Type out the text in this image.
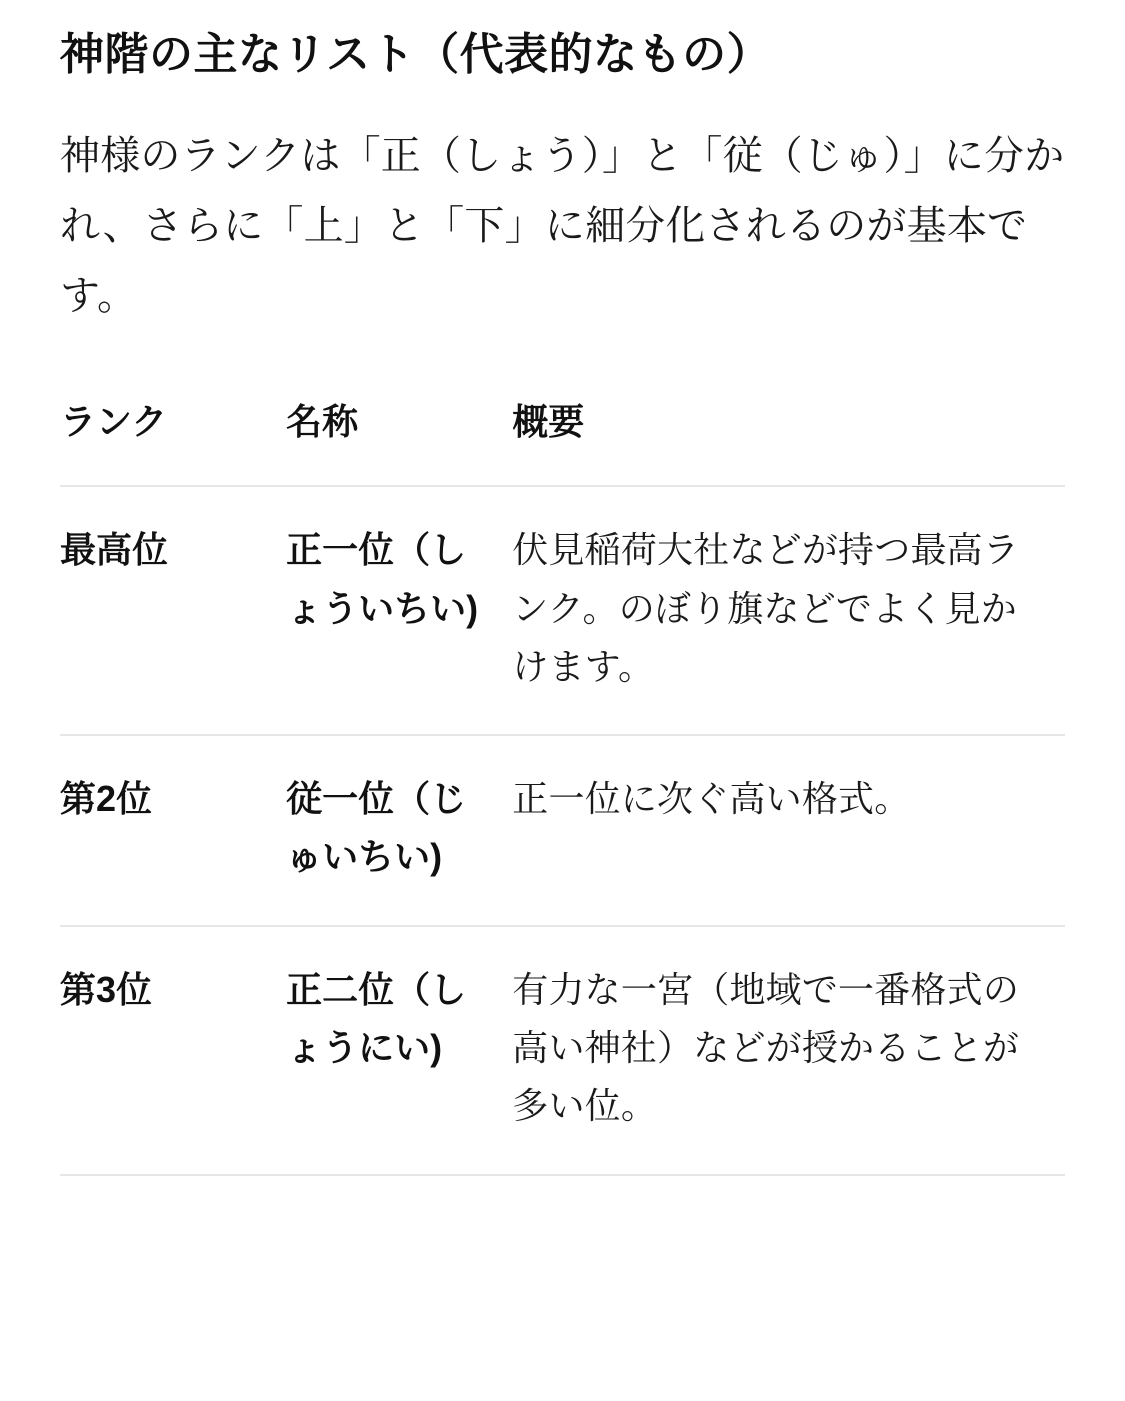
神階の主なリスト（代表的なもの）

神様のランクは「正（しょう）」と「従（じゅ）」に分かれ、さらに「上」と「下」に細分化されるのが基本です。

ランク	名称	概要
最高位	正一位（しょういちい)	伏見稲荷大社などが持つ最高ランク。のぼり旗などでよく見かけます。
第2位	従一位（じゅいちい)	正一位に次ぐ高い格式。
第3位	正二位（しょうにい)	有力な一宮（地域で一番格式の高い神社）などが授かることが多い位。
